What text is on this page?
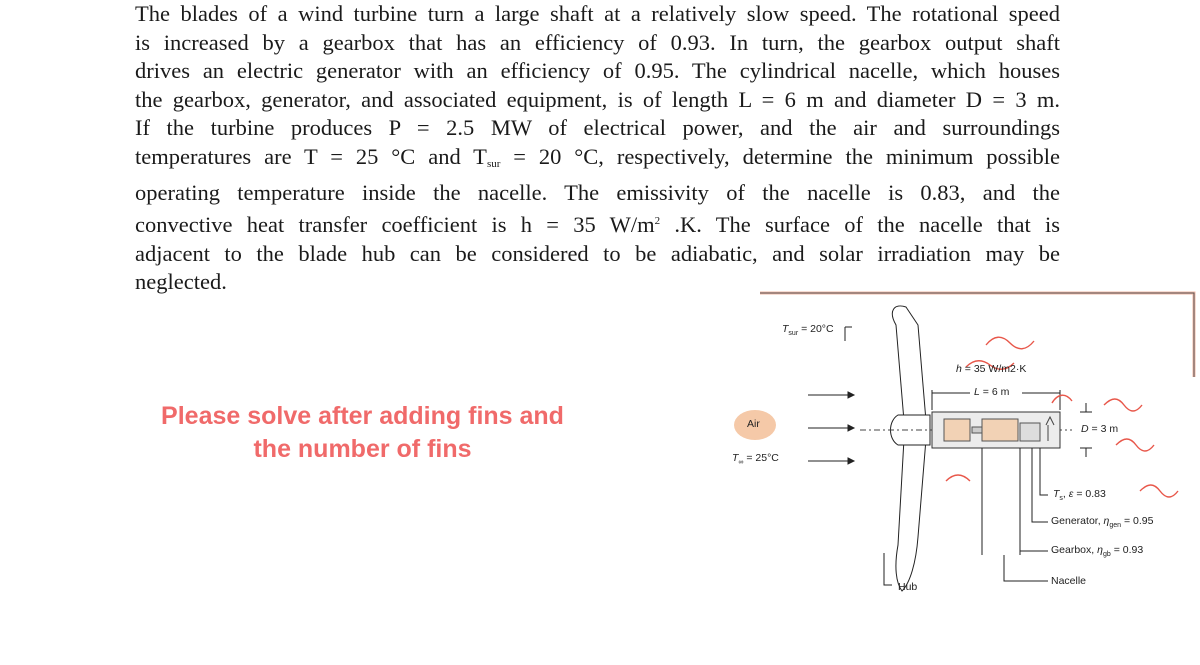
The blades of a wind turbine turn a large shaft at a relatively slow speed. The rotational speed
is increased by a gearbox that has an efficiency of 0.93. In turn, the gearbox output shaft
drives an electric generator with an efficiency of 0.95. The cylindrical nacelle, which houses
the gearbox, generator, and associated equipment, is of length L = 6 m and diameter D = 3 m.
If the turbine produces P = 2.5 MW of electrical power, and the air and surroundings
temperatures are T = 25 °C and $T_{sur} = 20$ °C, respectively, determine the minimum possible
operating temperature inside the nacelle. The emissivity of the nacelle is 0.83, and the
convective heat transfer coefficient is h = 35 $W/m^2$ .K. The surface of the nacelle that is
adjacent to the blade hub can be considered to be adiabatic, and solar irradiation may be
neglected.
Please solve after adding fins and
the number of fins
$T_{sur} = 20^\circ C$
Air
$T_\infty = 25^\circ C$
h = 35 W/m2·K
L = 6 m
D = 3 m
$T_s$, ε = 0.83
Generator, $\eta_{gen} = 0.95$
Gearbox, $\eta_{gb} = 0.93$
Nacelle
Hub
